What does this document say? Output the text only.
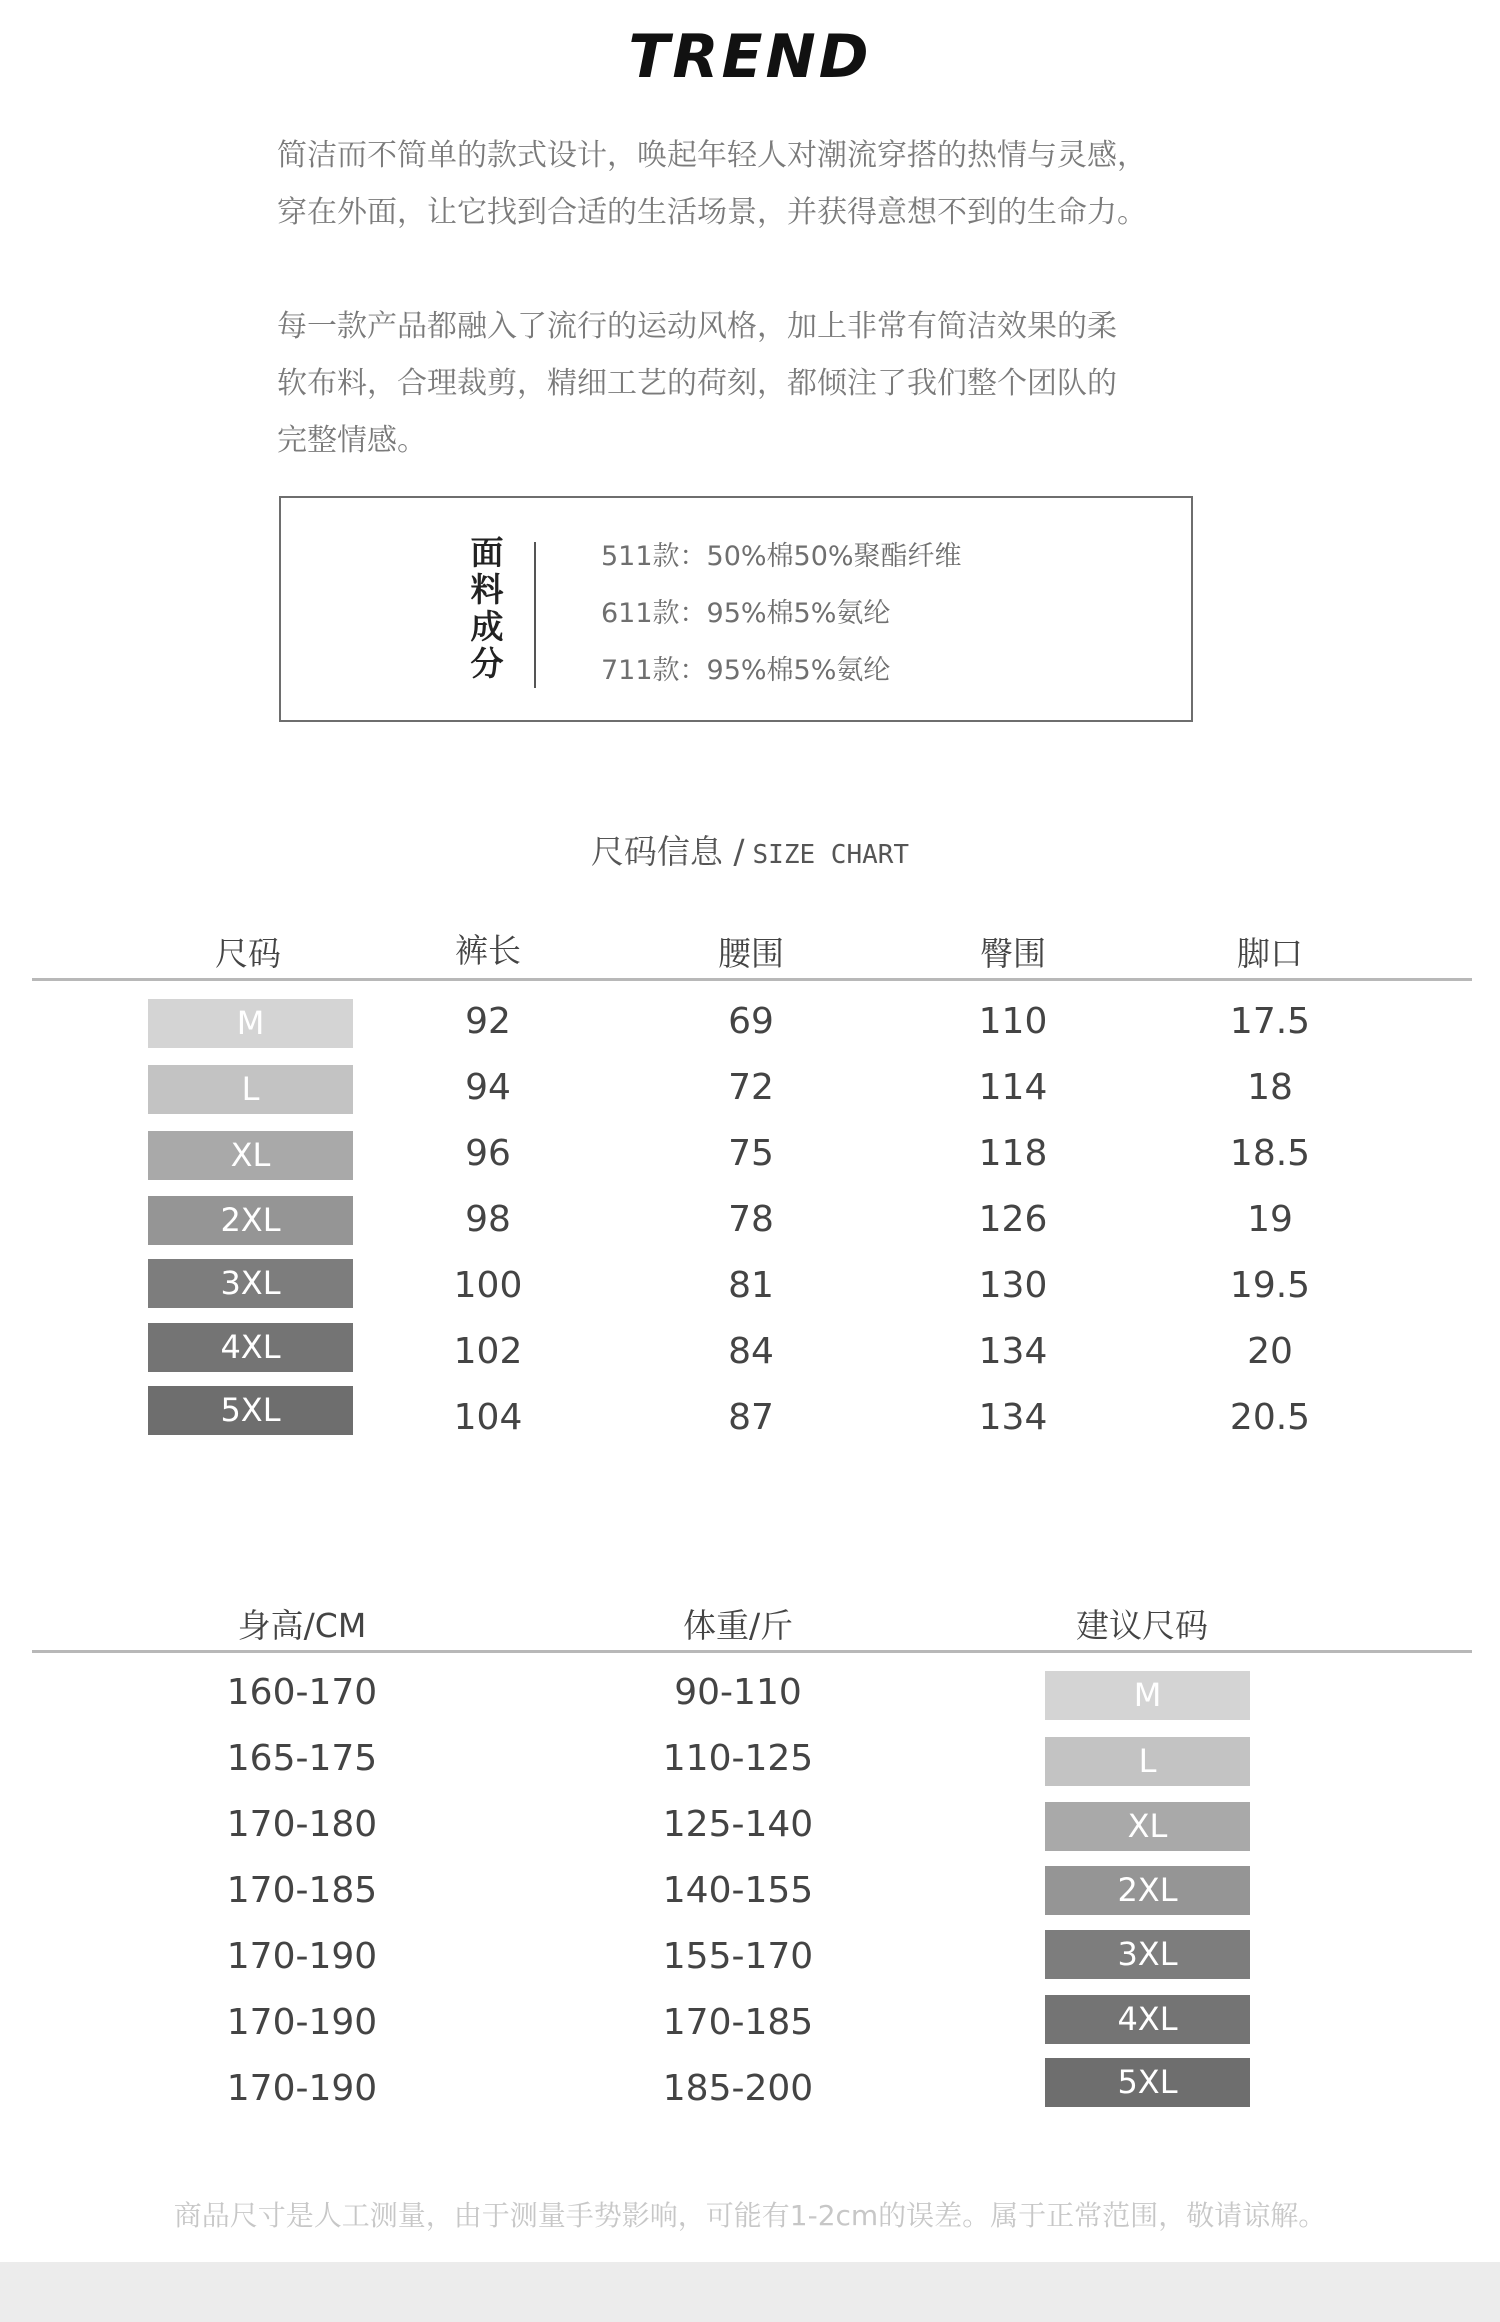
TREND

简洁而不简单的款式设计，唤起年轻人对潮流穿搭的热情与灵感，

穿在外面，让它找到合适的生活场景，并获得意想不到的生命力。

每一款产品都融入了流行的运动风格，加上非常有简洁效果的柔

软布料，合理裁剪，精细工艺的荷刻，都倾注了我们整个团队的

完整情感。

面
料
成
分
511款：50%棉50%聚酯纤维
611款：95%棉5%氨纶
711款：95%棉5%氨纶
尺码信息 / SIZE CHART
尺码	裤长	腰围	臀围	脚口
M	92	69	110	17.5
L	94	72	114	18
XL	96	75	118	18.5
2XL	98	78	126	19
3XL	100	81	130	19.5
4XL	102	84	134	20
5XL	104	87	134	20.5
身高/CM	体重/斤	建议尺码
160-170	90-110	M
165-175	110-125	L
170-180	125-140	XL
170-185	140-155	2XL
170-190	155-170	3XL
170-190	170-185	4XL
170-190	185-200	5XL
商品尺寸是人工测量，由于测量手势影响，可能有1-2cm的误差。属于正常范围，敬请谅解。
